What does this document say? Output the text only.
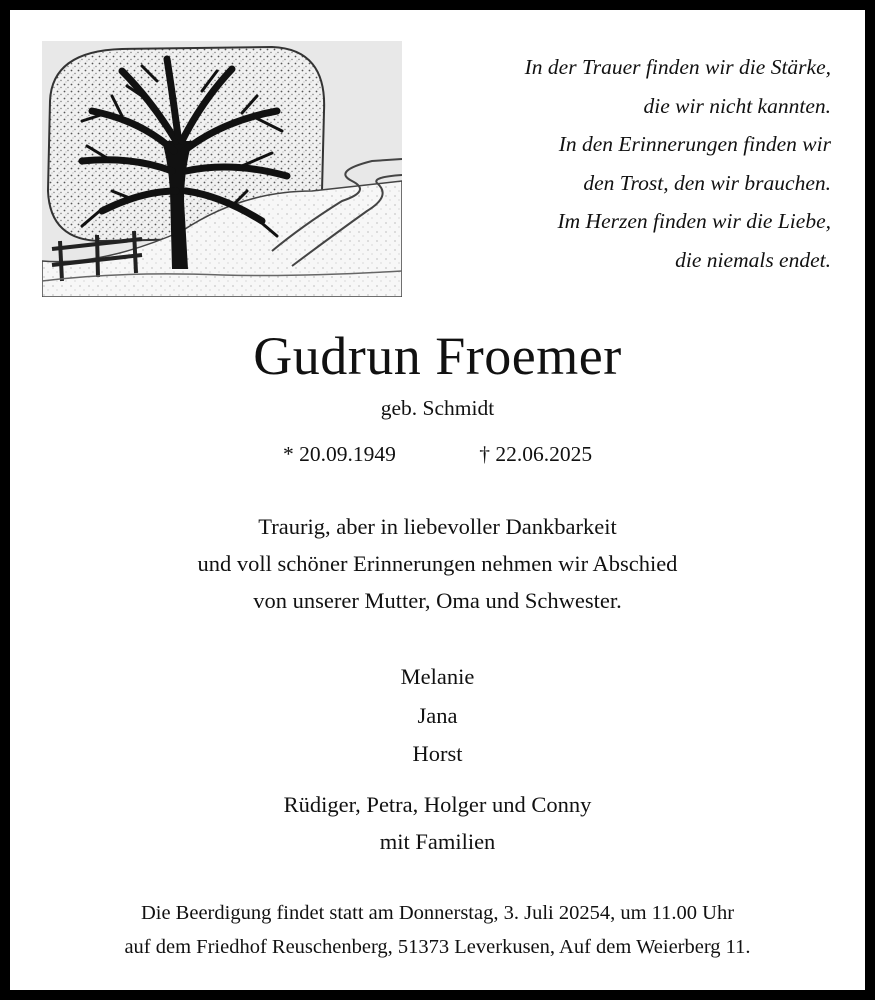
In der Trauer finden wir die Stärke,
die wir nicht kannten.
In den Erinnerungen finden wir
den Trost, den wir brauchen.
Im Herzen finden wir die Liebe,
die niemals endet.
Gudrun Froemer
geb. Schmidt
* 20.09.1949	† 22.06.2025
Traurig, aber in liebevoller Dankbarkeit
und voll schöner Erinnerungen nehmen wir Abschied
von unserer Mutter, Oma und Schwester.
Melanie
Jana
Horst
Rüdiger, Petra, Holger und Conny
mit Familien
Die Beerdigung findet statt am Donnerstag, 3. Juli 20254, um 11.00 Uhr
auf dem Friedhof Reuschenberg, 51373 Leverkusen, Auf dem Weierberg 11.
